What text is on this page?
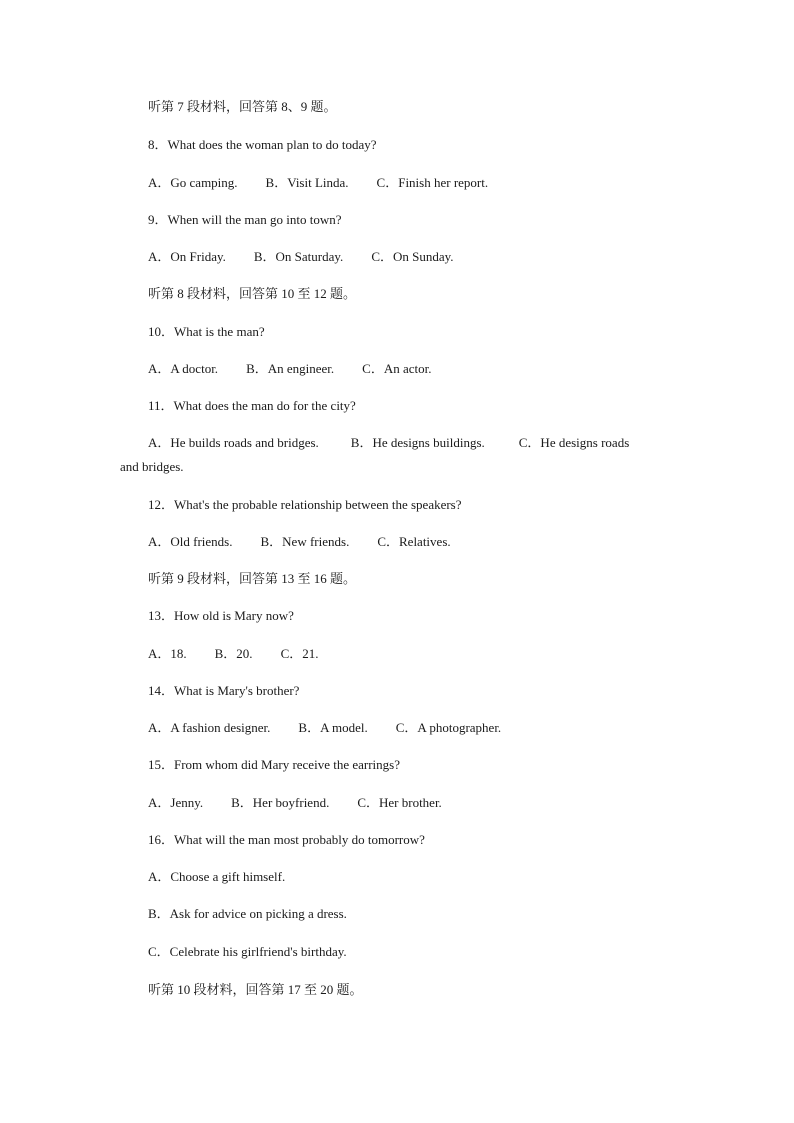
听第 7 段材料，回答第 8、9 题。
8．What does the woman plan to do today?
A．Go camping. B．Visit Linda. C．Finish her report.
9．When will the man go into town?
A．On Friday. B．On Saturday. C．On Sunday.
听第 8 段材料，回答第 10 至 12 题。
10．What is the man?
A．A doctor. B．An engineer. C．An actor.
11．What does the man do for the city?
A．He builds roads and bridges. B．He designs buildings.	C．He designs roads
and bridges.
12．What's the probable relationship between the speakers?
A．Old friends. B．New friends. C．Relatives.
听第 9 段材料，回答第 13 至 16 题。
13．How old is Mary now?
A．18. B．20. C．21.
14．What is Mary's brother?
A．A fashion designer. B．A model. C．A photographer.
15．From whom did Mary receive the earrings?
A．Jenny. B．Her boyfriend. C．Her brother.
16．What will the man most probably do tomorrow?
A．Choose a gift himself.
B．Ask for advice on picking a dress.
C．Celebrate his girlfriend's birthday.
听第 10 段材料，回答第 17 至 20 题。
